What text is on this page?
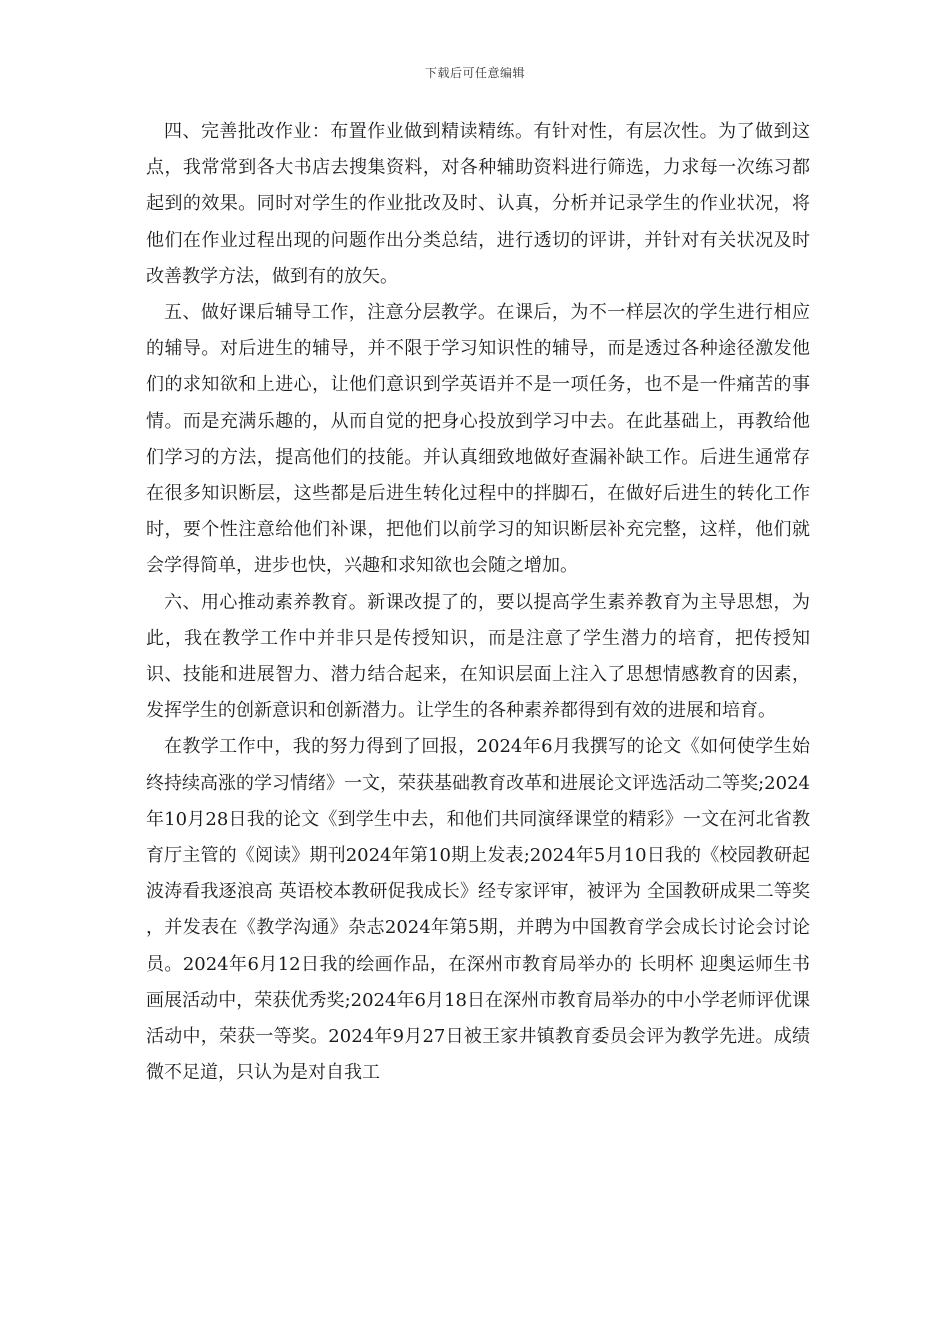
下载后可任意编辑

四、完善批改作业：布置作业做到精读精练。有针对性，有层次性。为了做到这点，我常常到各大书店去搜集资料，对各种辅助资料进行筛选，力求每一次练习都起到的效果。同时对学生的作业批改及时、认真，分析并记录学生的作业状况，将他们在作业过程出现的问题作出分类总结，进行透切的评讲，并针对有关状况及时改善教学方法，做到有的放矢。

五、做好课后辅导工作，注意分层教学。在课后，为不一样层次的学生进行相应的辅导。对后进生的辅导，并不限于学习知识性的辅导，而是透过各种途径激发他们的求知欲和上进心，让他们意识到学英语并不是一项任务，也不是一件痛苦的事情。而是充满乐趣的，从而自觉的把身心投放到学习中去。在此基础上，再教给他们学习的方法，提高他们的技能。并认真细致地做好查漏补缺工作。后进生通常存在很多知识断层，这些都是后进生转化过程中的拌脚石，在做好后进生的转化工作时，要个性注意给他们补课，把他们以前学习的知识断层补充完整，这样，他们就会学得简单，进步也快，兴趣和求知欲也会随之增加。

六、用心推动素养教育。新课改提了的，要以提高学生素养教育为主导思想，为此，我在教学工作中并非只是传授知识，而是注意了学生潜力的培育，把传授知识、技能和进展智力、潜力结合起来，在知识层面上注入了思想情感教育的因素，发挥学生的创新意识和创新潜力。让学生的各种素养都得到有效的进展和培育。

在教学工作中，我的努力得到了回报，2024年6月我撰写的论文《如何使学生始终持续高涨的学习情绪》一文，荣获基础教育改革和进展论文评选活动二等奖;2024年10月28日我的论文《到学生中去，和他们共同演绎课堂的精彩》一文在河北省教育厅主管的《阅读》期刊2024年第10期上发表;2024年5月10日我的《校园教研起波涛看我逐浪高 英语校本教研促我成长》经专家评审，被评为 全国教研成果二等奖 ，并发表在《教学沟通》杂志2024年第5期，并聘为中国教育学会成长讨论会讨论员。2024年6月12日我的绘画作品，在深州市教育局举办的 长明杯 迎奥运师生书画展活动中，荣获优秀奖;2024年6月18日在深州市教育局举办的中小学老师评优课活动中，荣获一等奖。2024年9月27日被王家井镇教育委员会评为教学先进。成绩微不足道，只认为是对自我工
